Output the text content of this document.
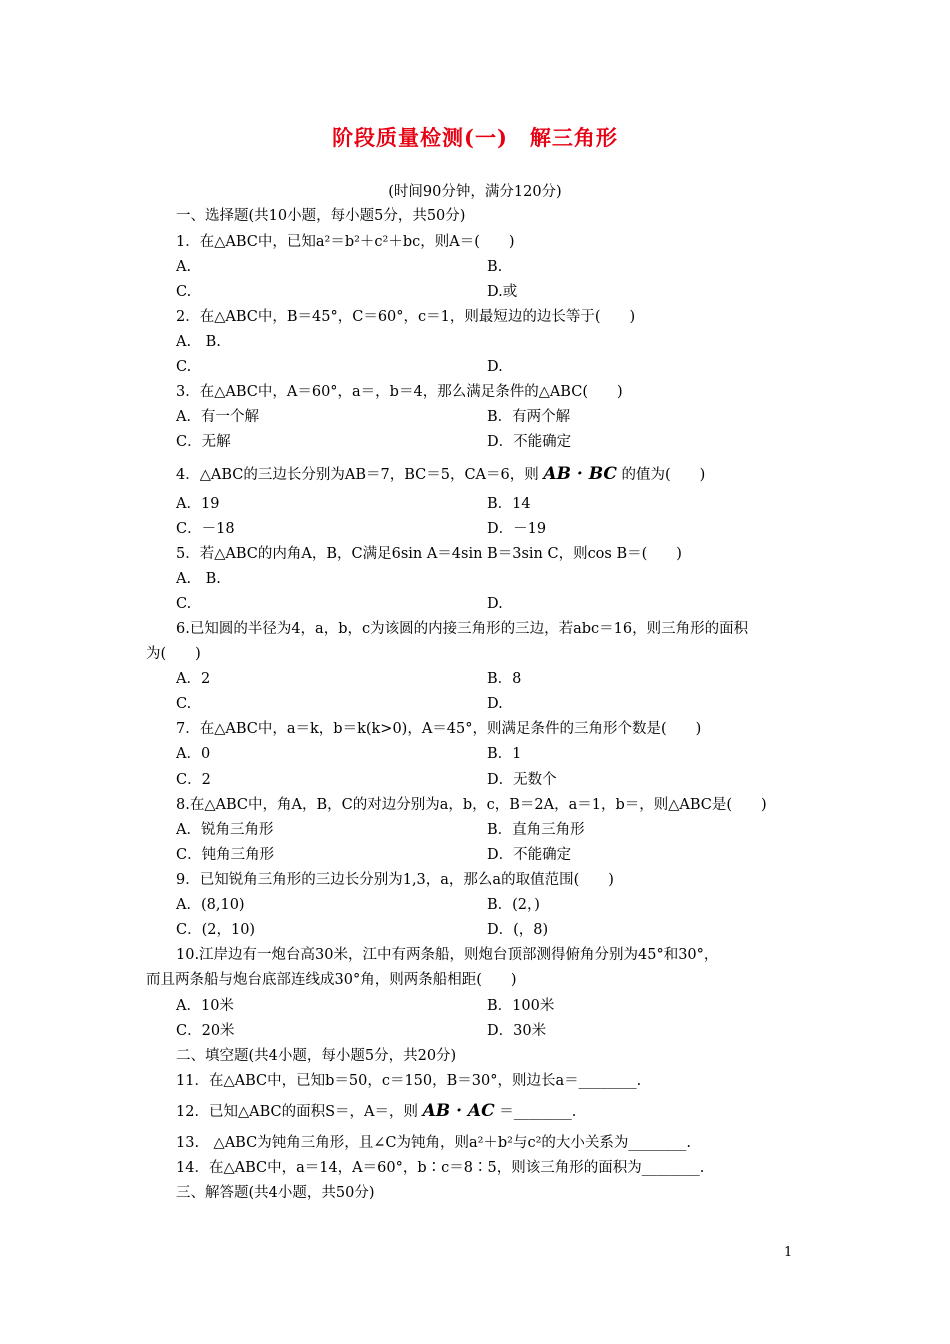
阶段质量检测(一)　解三角形
(时间90分钟，满分120分)
一、选择题(共10小题，每小题5分，共50分)
1．在△ABC中，已知a²＝b²＋c²＋bc，则A＝(　　)
A.	B.
C.	D.或
2．在△ABC中，B＝45°，C＝60°，c＝1，则最短边的边长等于(　　)
A.　B.
C.	D.
3．在△ABC中，A＝60°，a＝，b＝4，那么满足条件的△ABC(　　)
A．有一个解	B．有两个解
C．无解	D．不能确定
4．△ABC的三边长分别为AB＝7，BC＝5，CA＝6，则 AB · BC 的值为(　　)
A．19	B．14
C．－18	D．－19
5．若△ABC的内角A，B，C满足6sin A＝4sin B＝3sin C，则cos B＝(　　)
A.　B.
C.	D.
6.已知圆的半径为4，a，b，c为该圆的内接三角形的三边，若abc＝16，则三角形的面积
为(　　)
A．2	B．8
C.	D.
7．在△ABC中，a＝k，b＝k(k>0)，A＝45°，则满足条件的三角形个数是(　　)
A．0	B．1
C．2	D．无数个
8.在△ABC中，角A，B，C的对边分别为a，b，c，B＝2A，a＝1，b＝，则△ABC是(　　)
A．锐角三角形	B．直角三角形
C．钝角三角形	D．不能确定
9．已知锐角三角形的三边长分别为1,3，a，那么a的取值范围(　　)
A．(8,10)	B．(2，)
C．(2，10)	D．(，8)
10.江岸边有一炮台高30米，江中有两条船，则炮台顶部测得俯角分别为45°和30°，
而且两条船与炮台底部连线成30°角，则两条船相距(　　)
A．10米	B．100米
C．20米	D．30米
二、填空题(共4小题，每小题5分，共20分)
11．在△ABC中，已知b＝50，c＝150，B＝30°，则边长a＝________.
12．已知△ABC的面积S＝，A＝，则 AB · AC ＝________.
13.　△ABC为钝角三角形，且∠C为钝角，则a²＋b²与c²的大小关系为________.
14．在△ABC中，a＝14，A＝60°，b∶c＝8∶5，则该三角形的面积为________.
三、解答题(共4小题，共50分)
1
